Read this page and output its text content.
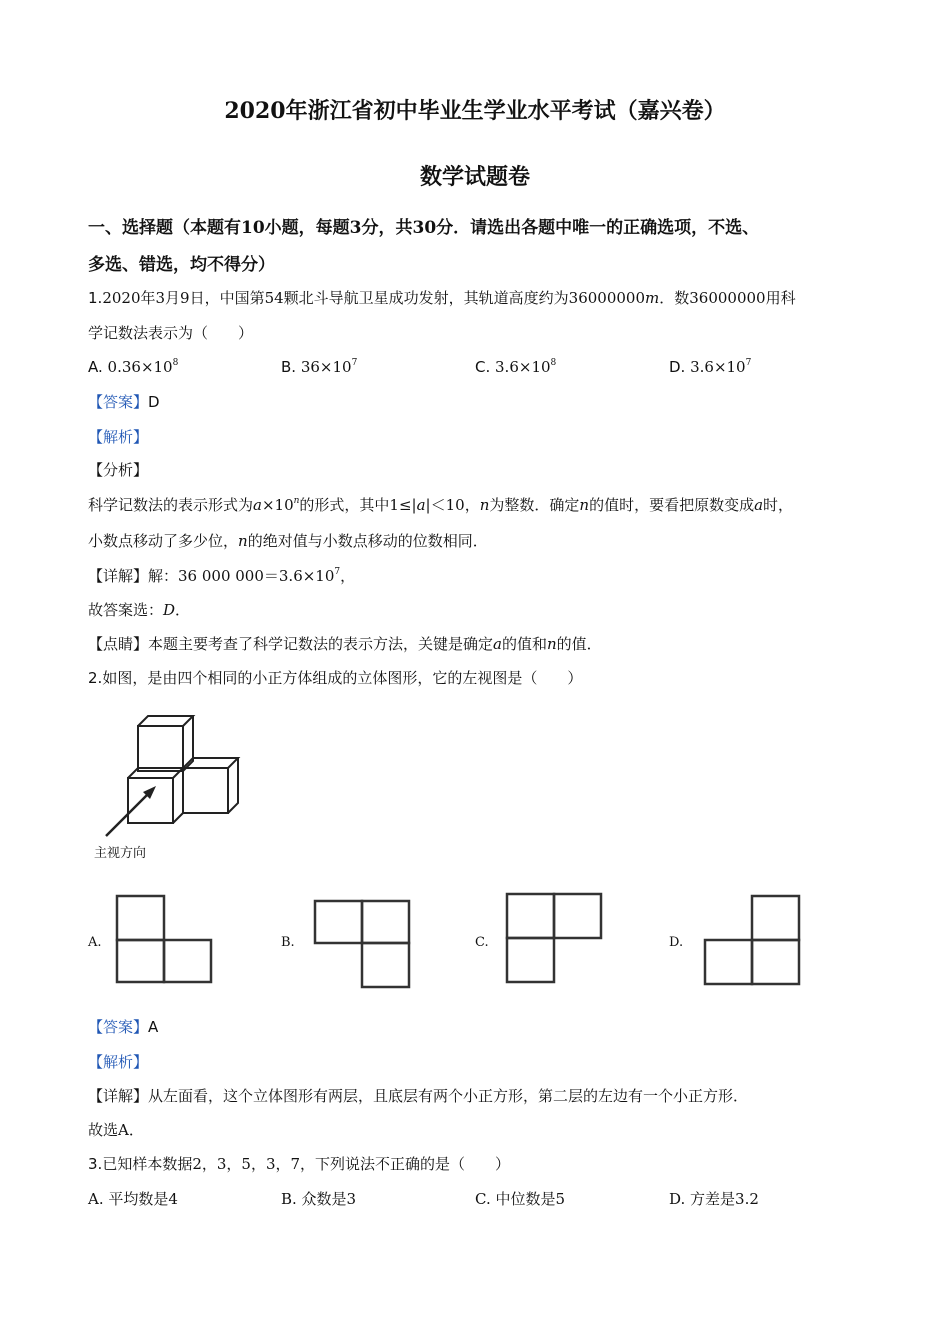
2020年浙江省初中毕业生学业水平考试（嘉兴卷）
数学试题卷
一、选择题（本题有10小题，每题3分，共30分．请选出各题中唯一的正确选项，不选、
多选、错选，均不得分）
1.2020年3月9日，中国第54颗北斗导航卫星成功发射，其轨道高度约为36000000m．数36000000用科
学记数法表示为（　　）
A. $0.36\times 10^8$	B. $36\times 10^7$	C. $3.6\times 10^8$	D. $3.6\times 10^7$
【答案】D
【解析】
【分析】
科学记数法的表示形式为$a\times 10^n$的形式，其中1≤|a|＜10，n为整数．确定n的值时，要看把原数变成a时，
小数点移动了多少位，n的绝对值与小数点移动的位数相同．
【详解】解：36 000 $000=3.6\times 10^7$，
故答案选：D．
【点睛】本题主要考查了科学记数法的表示方法，关键是确定a的值和n的值．
2.如图，是由四个相同的小正方体组成的立体图形，它的左视图是（　　）
主视方向
A.	B.	C.	D.
【答案】A
【解析】
【详解】从左面看，这个立体图形有两层，且底层有两个小正方形，第二层的左边有一个小正方形．
故选A．
3.已知样本数据2，3，5，3，7，下列说法不正确的是（　　）
A. 平均数是4	B. 众数是3	C. 中位数是5	D. 方差是3.2
